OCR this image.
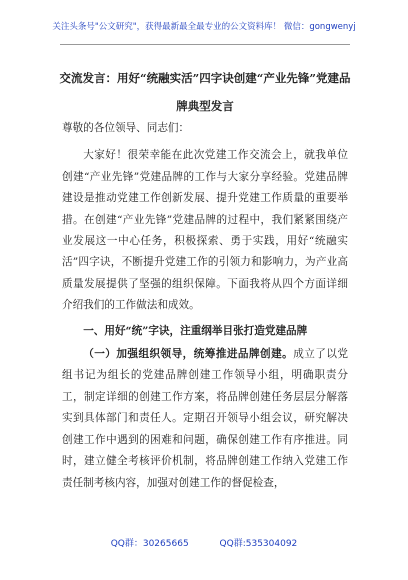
关注头条号"公文研究"，获得最新最全最专业的公文资料库！ 微信：gongwenyj
交流发言：用好“统融实活”四字诀创建“产业先锋”党建品牌典型发言

尊敬的各位领导、同志们：

大家好！很荣幸能在此次党建工作交流会上，就我单位创建“产业先锋”党建品牌的工作与大家分享经验。党建品牌建设是推动党建工作创新发展、提升党建工作质量的重要举措。在创建“产业先锋”党建品牌的过程中，我们紧紧围绕产业发展这一中心任务，积极探索、勇于实践，用好“统融实活”四字诀，不断提升党建工作的引领力和影响力，为产业高质量发展提供了坚强的组织保障。下面我将从四个方面详细介绍我们的工作做法和成效。

一、用好“统”字诀，注重纲举目张打造党建品牌

（一）加强组织领导，统筹推进品牌创建。成立了以党组书记为组长的党建品牌创建工作领导小组，明确职责分工，制定详细的创建工作方案，将品牌创建任务层层分解落实到具体部门和责任人。定期召开领导小组会议，研究解决创建工作中遇到的困难和问题，确保创建工作有序推进。同时，建立健全考核评价机制，将品牌创建工作纳入党建工作责任制考核内容，加强对创建工作的督促检查，

QQ群：30265665	QQ群:535304092
